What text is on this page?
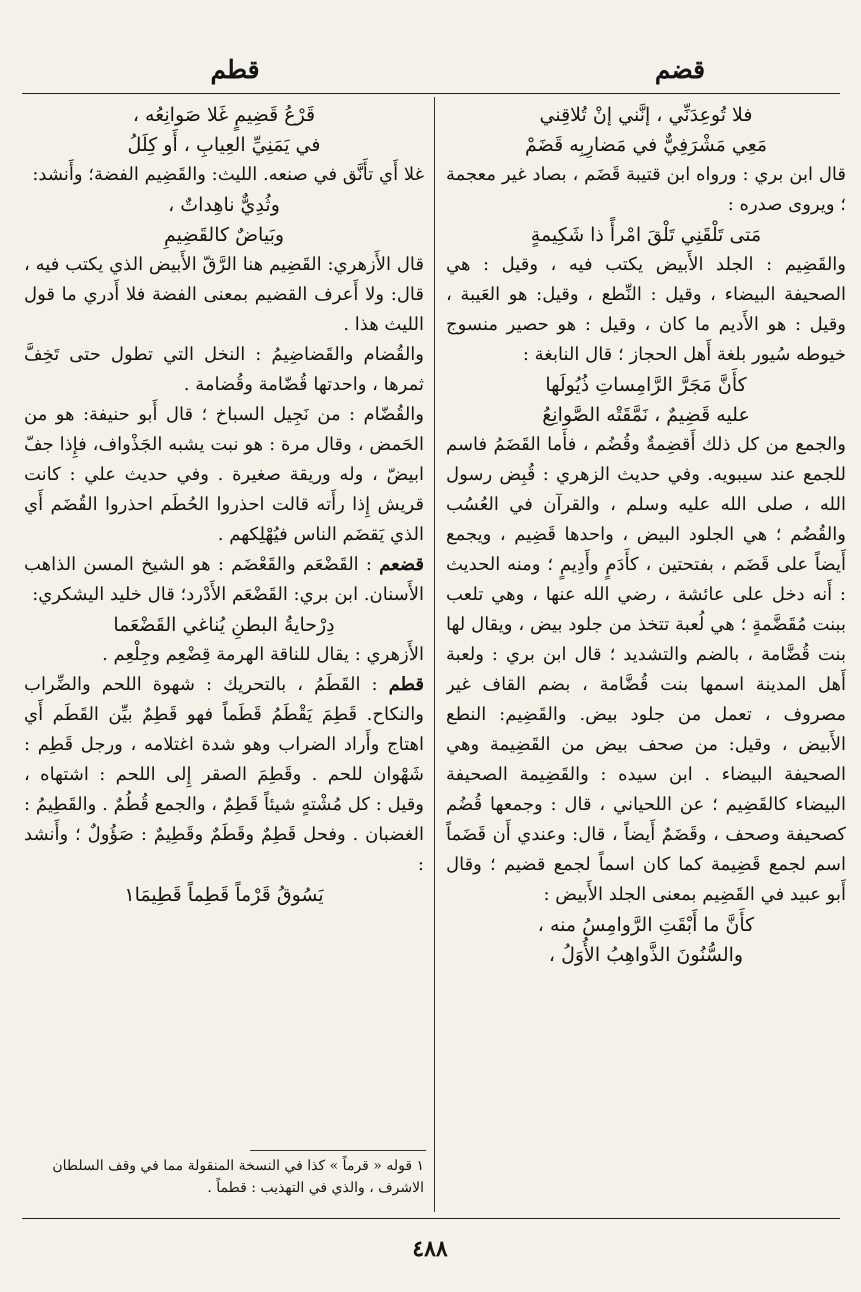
قضم
قطم

فلا تُوعِدَنِّي ، إنَّني إنْ تُلاقِني

مَعِي مَشْرَفِيٌّ في مَضارِبِه قَضَمْ

قال ابن بري : ورواه ابن قتيبة قَضَم ، بصاد غير معجمة ؛ ويروى صدره :

مَتى تَلْقَنِي تَلْقَ امْرأً ذا شَكِيمةٍ

والقَضِيم : الجلد الأَبيض يكتب فيه ، وقيل : هي الصحيفة البيضاء ، وقيل : النِّطع ، وقيل: هو العَيبة ، وقيل : هو الأَديم ما كان ، وقيل : هو حصير منسوج خيوطه سُيور بلغة أَهل الحجاز ؛ قال النابغة :

كأَنَّ مَجَرَّ الرَّامِساتِ ذُيُولَها

عليه قَضِيمٌ ، نَمَّقَتْه الصَّوانِعُ

والجمع من كل ذلك أَقضِمةٌ وقُضُم ، فأَما القَضَمُ فاسم للجمع عند سيبويه. وفي حديث الزهري : قُبِض رسول الله ، صلى الله عليه وسلم ، والقرآن في العُسُب والقُضُم ؛ هي الجلود البيض ، واحدها قَضِيم ، ويجمع أَيضاً على قَضَم ، بفتحتين ، كأَدَمٍ وأَدِيمٍ ؛ ومنه الحديث : أَنه دخل على عائشة ، رضي الله عنها ، وهي تلعب ببنت مُقَضَّمةٍ ؛ هي لُعبة تتخذ من جلود بيض ، ويقال لها بنت قُضَّامة ، بالضم والتشديد ؛ قال ابن بري : ولعبة أَهل المدينة اسمها بنت قُضَّامة ، بضم القاف غير مصروف ، تعمل من جلود بيض. والقَضِيم: النطع الأَبيض ، وقيل: من صحف بيض من القَضِيمة وهي الصحيفة البيضاء . ابن سيده : والقَضِيمة الصحيفة البيضاء كالقَضِيم ؛ عن اللحياني ، قال : وجمعها قُضُم كصحيفة وصحف ، وقَضَمٌ أَيضاً ، قال: وعندي أَن قَضَماً اسم لجمع قَضِيمة كما كان اسماً لجمع قضيم ؛ وقال أَبو عبيد في القَضِيم بمعنى الجلد الأَبيض :

كأَنَّ ما أَبْقَتِ الرَّوامِسُ منه ،

والسُّنُونَ الذَّواهِبُ الأُوَلُ ،

قَرْعُ قَضِيمٍ غَلا صَوانِعُه ،

في يَمَنِيِّ العِيابِ ، أَو كِلَلُ

غلا أَي تأَنَّق في صنعه. الليث: والقَضِيم الفضة؛ وأَنشد:

وثُدِيٌّ ناهِداتٌ ،

وبَياضٌ كالقَضِيمِ

قال الأَزهري: القَضِيم هنا الرَّقّ الأَبيض الذي يكتب فيه ، قال: ولا أَعرف القضيم بمعنى الفضة فلا أَدري ما قول الليث هذا .

والقُضام والقَضاضِيمُ : النخل التي تطول حتى تَخِفَّ ثمرها ، واحدتها قُضّامة وقُضامة .

والقُضّام : من نَجِيل السباخ ؛ قال أَبو حنيفة: هو من الحَمض ، وقال مرة : هو نبت يشبه الجَذْواف، فإِذا جفّ ابيضّ ، وله وريقة صغيرة . وفي حديث علي : كانت قريش إِذا رأَته قالت احذروا الحُطَم احذروا القُضَم أَي الذي يَقضَم الناس فيُهْلِكهم .

قضعم : القَضْعَم والقَعْضَم : هو الشيخ المسن الذاهب الأَسنان. ابن بري: القَضْعَم الأَدْرد؛ قال خليد اليشكري:

دِرْحايةُ البطنِ يُناغي القَضْعَما

الأَزهري : يقال للناقة الهرمة قِضْعِم وجِلْعِم .

قطم : القَطَمُ ، بالتحريك : شهوة اللحم والضِّراب والنكاح. قَطِمَ يَقْطَمُ قَطَماً فهو قَطِمٌ بيِّن القَطَم أَي اهتاج وأَراد الضراب وهو شدة اغتلامه ، ورجل قَطِم : شَهْوان للحم . وقَطِمَ الصقر إِلى اللحم : اشتهاه ، وقيل : كل مُشْتهٍ شيئاً قَطِمٌ ، والجمع قُطُمٌ . والقَطِيمُ : الغضبان . وفحل قَطِمٌ وقَطَمٌ وقَطِيمٌ : صَؤُولٌ ؛ وأَنشد :

يَسُوقُ قَرْماً قَطِماً قَطِيمَا١

١ قوله « قرماً » كذا في النسخة المنقولة مما في وقف السلطان الاشرف ، والذي في التهذيب : قطماً .
٤٨٨
